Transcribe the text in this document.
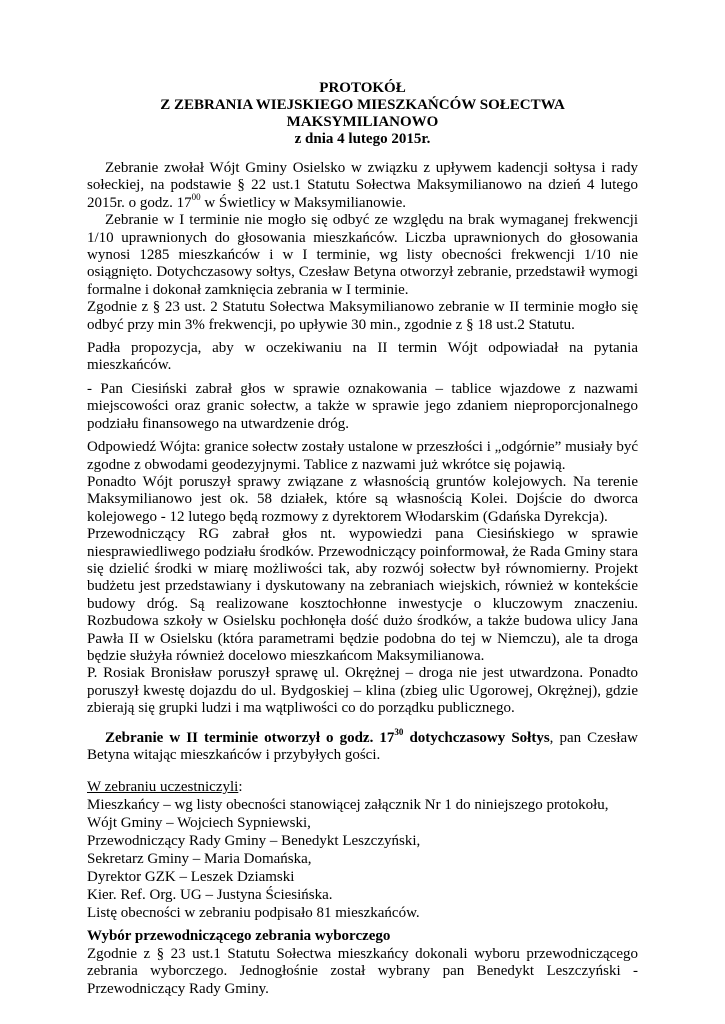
PROTOKÓŁ
Z ZEBRANIA WIEJSKIEGO MIESZKAŃCÓW SOŁECTWA MAKSYMILIANOWO
z dnia 4 lutego 2015r.

Zebranie zwołał Wójt Gminy Osielsko w związku z upływem kadencji sołtysa i rady sołeckiej, na podstawie § 22 ust.1 Statutu Sołectwa Maksymilianowo na dzień 4 lutego 2015r. o godz. $17^{00}$ w Świetlicy w Maksymilianowie.

Zebranie w I terminie nie mogło się odbyć ze względu na brak wymaganej frekwencji 1/10 uprawnionych do głosowania mieszkańców. Liczba uprawnionych do głosowania wynosi 1285 mieszkańców i w I terminie, wg listy obecności frekwencji 1/10 nie osiągnięto. Dotychczasowy sołtys, Czesław Betyna otworzył zebranie, przedstawił wymogi formalne i dokonał zamknięcia zebrania w I terminie.

Zgodnie z § 23 ust. 2 Statutu Sołectwa Maksymilianowo zebranie w II terminie mogło się odbyć przy min 3% frekwencji, po upływie 30 min., zgodnie z § 18 ust.2 Statutu.

Padła propozycja, aby w oczekiwaniu na II termin Wójt odpowiadał na pytania mieszkańców.

- Pan Ciesiński zabrał głos w sprawie oznakowania – tablice wjazdowe z nazwami miejscowości oraz granic sołectw, a także w sprawie jego zdaniem nieproporcjonalnego podziału finansowego na utwardzenie dróg.

Odpowiedź Wójta: granice sołectw zostały ustalone w przeszłości i „odgórnie” musiały być zgodne z obwodami geodezyjnymi. Tablice z nazwami już wkrótce się pojawią.

Ponadto Wójt poruszył sprawy związane z własnością gruntów kolejowych. Na terenie Maksymilianowo jest ok. 58 działek, które są własnością Kolei. Dojście do dworca kolejowego - 12 lutego będą rozmowy z dyrektorem Włodarskim (Gdańska Dyrekcja).

Przewodniczący RG zabrał głos nt. wypowiedzi pana Ciesińskiego w sprawie niesprawiedliwego podziału środków. Przewodniczący poinformował, że Rada Gminy stara się dzielić środki w miarę możliwości tak, aby rozwój sołectw był równomierny. Projekt budżetu jest przedstawiany i dyskutowany na zebraniach wiejskich, również w kontekście budowy dróg. Są realizowane kosztochłonne inwestycje o kluczowym znaczeniu. Rozbudowa szkoły w Osielsku pochłonęła dość dużo środków, a także budowa ulicy Jana Pawła II w Osielsku (która parametrami będzie podobna do tej w Niemczu), ale ta droga będzie służyła również docelowo mieszkańcom Maksymilianowa.

P. Rosiak Bronisław poruszył sprawę ul. Okrężnej – droga nie jest utwardzona. Ponadto poruszył kwestę dojazdu do ul. Bydgoskiej – klina (zbieg ulic Ugorowej, Okrężnej), gdzie zbierają się grupki ludzi i ma wątpliwości co do porządku publicznego.

Zebranie w II terminie otworzył o godz. $17^{30}$ dotychczasowy Sołtys, pan Czesław Betyna witając mieszkańców i przybyłych gości.

W zebraniu uczestniczyli:

Mieszkańcy – wg listy obecności stanowiącej załącznik Nr 1 do niniejszego protokołu,

Wójt Gminy – Wojciech Sypniewski,

Przewodniczący Rady Gminy – Benedykt Leszczyński,

Sekretarz Gminy – Maria Domańska,

Dyrektor GZK – Leszek Dziamski

Kier. Ref. Org. UG – Justyna Ściesińska.

Listę obecności w zebraniu podpisało 81 mieszkańców.

Wybór przewodniczącego zebrania wyborczego

Zgodnie z § 23 ust.1 Statutu Sołectwa mieszkańcy dokonali wyboru przewodniczącego zebrania wyborczego. Jednogłośnie został wybrany pan Benedykt Leszczyński - Przewodniczący Rady Gminy.
